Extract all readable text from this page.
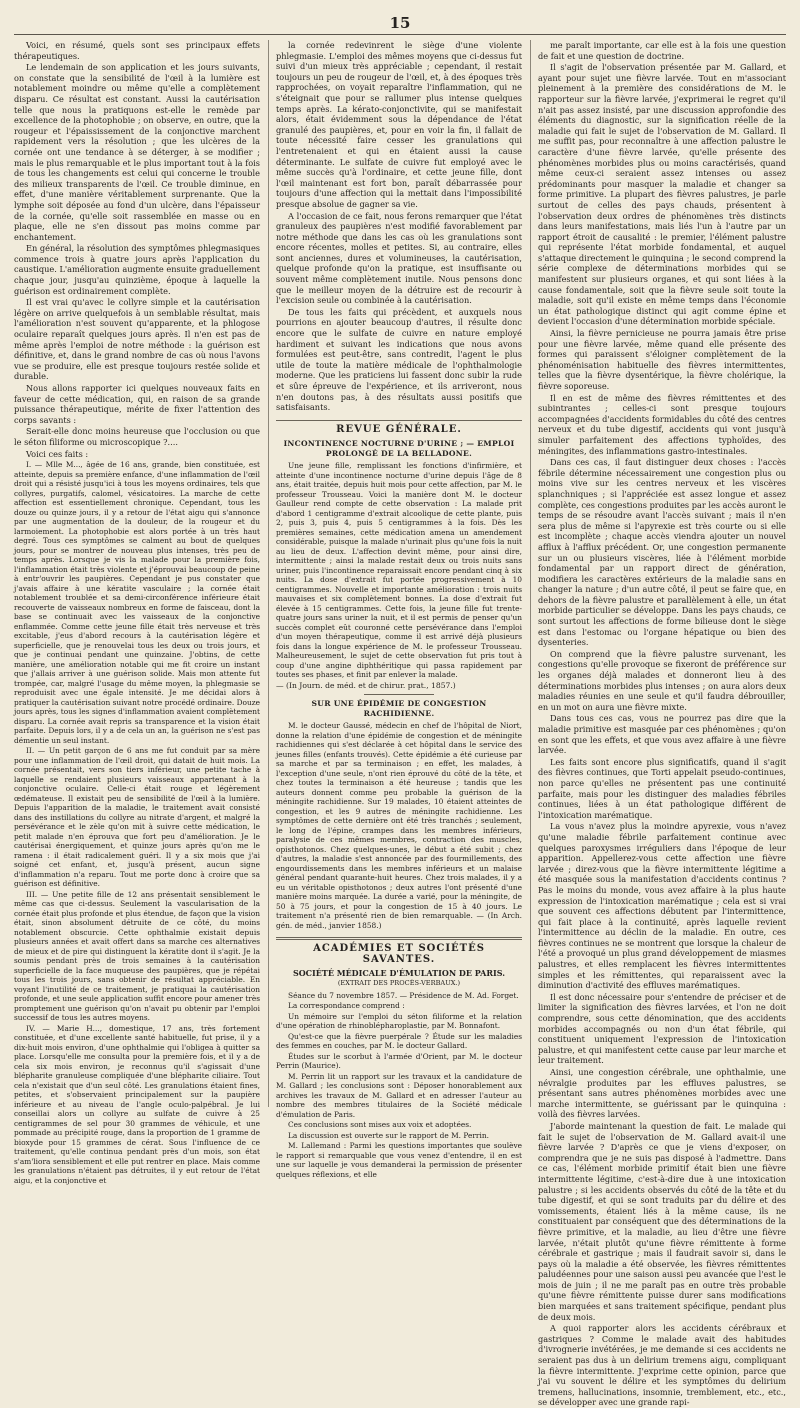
15

Voici, en résumé, quels sont ses principaux effets thérapeutiques.

Le lendemain de son application et les jours suivants, on constate que la sensibilité de l'œil à la lumière est notablement moindre ou même qu'elle a complètement disparu. Ce résultat est constant. Aussi la cautérisation telle que nous la pratiquons est-elle le remède par excellence de la photophobie ; on observe, en outre, que la rougeur et l'épaississement de la conjonctive marchent rapidement vers la résolution ; que les ulcères de la cornée ont une tendance à se déterger, à se modifier ; mais le plus remarquable et le plus important tout à la fois de tous les changements est celui qui concerne le trouble des milieux transparents de l'œil. Ce trouble diminue, en effet, d'une manière véritablement surprenante. Que la lymphe soit déposée au fond d'un ulcère, dans l'épaisseur de la cornée, qu'elle soit rassemblée en masse ou en plaque, elle ne s'en dissout pas moins comme par enchantement.

En général, la résolution des symptômes phlegmasiques commence trois à quatre jours après l'application du caustique. L'amélioration augmente ensuite graduellement chaque jour, jusqu'au quinzième, époque à laquelle la guérison est ordinairement complète.

Il est vrai qu'avec le collyre simple et la cautérisation légère on arrive quelquefois à un semblable résultat, mais l'amélioration n'est souvent qu'apparente, et la phlogose oculaire reparaît quelques jours après. Il n'en est pas de même après l'emploi de notre méthode : la guérison est définitive, et, dans le grand nombre de cas où nous l'avons vue se produire, elle est presque toujours restée solide et durable.

Nous allons rapporter ici quelques nouveaux faits en faveur de cette médication, qui, en raison de sa grande puissance thérapeutique, mérite de fixer l'attention des corps savants :

Serait-elle donc moins heureuse que l'occlusion ou que le séton filiforme ou microscopique ?....

Voici ces faits :

I. — Mlle M..., âgée de 16 ans, grande, bien constituée, est atteinte, depuis sa première enfance, d'une inflammation de l'œil droit qui a résisté jusqu'ici à tous les moyens ordinaires, tels que collyres, purgatifs, calomel, vésicatoires. La marche de cette affection est essentiellement chronique. Cependant, tous les douze ou quinze jours, il y a retour de l'état aigu qui s'annonce par une augmentation de la douleur, de la rougeur et du larmoiement. La photophobie est alors portée à un très haut degré. Tous ces symptômes se calment au bout de quelques jours, pour se montrer de nouveau plus intenses, très peu de temps après. Lorsque je vis la malade pour la première fois, l'inflammation était très violente et j'éprouvai beaucoup de peine à entr'ouvrir les paupières. Cependant je pus constater que j'avais affaire à une kératite vasculaire ; la cornée était notablement troublée et sa demi-circonférence inférieure était recouverte de vaisseaux nombreux en forme de faisceau, dont la base se continuait avec les vaisseaux de la conjonctive enflammée. Comme cette jeune fille était très nerveuse et très excitable, j'eus d'abord recours à la cautérisation légère et superficielle, que je renouvelai tous les deux ou trois jours, et que je continuai pendant une quinzaine. J'obtins, de cette manière, une amélioration notable qui me fit croire un instant que j'allais arriver à une guérison solide. Mais mon attente fut trompée, car, malgré l'usage du même moyen, la phlegmasie se reproduisit avec une égale intensité. Je me décidai alors à pratiquer la cautérisation suivant notre procédé ordinaire. Douze jours après, tous les signes d'inflammation avaient complètement disparu. La cornée avait repris sa transparence et la vision était parfaite. Depuis lors, il y a de cela un an, la guérison ne s'est pas démentie un seul instant.

II. — Un petit garçon de 6 ans me fut conduit par sa mère pour une inflammation de l'œil droit, qui datait de huit mois. La cornée présentait, vers son tiers inférieur, une petite tache à laquelle se rendaient plusieurs vaisseaux appartenant à la conjonctive oculaire. Celle-ci était rouge et légèrement œdémateuse. Il existait peu de sensibilité de l'œil à la lumière. Depuis l'apparition de la maladie, le traitement avait consisté dans des instillations du collyre au nitrate d'argent, et malgré la persévérance et le zèle qu'on mit à suivre cette médication, le petit malade n'en éprouva que fort peu d'amélioration. Je le cautérisai énergiquement, et quinze jours après qu'on me le ramena : il était radicalement guéri. Il y a six mois que j'ai soigné cet enfant, et, jusqu'à présent, aucun signe d'inflammation n'a reparu. Tout me porte donc à croire que sa guérison est définitive.

III. — Une petite fille de 12 ans présentait sensiblement le même cas que ci-dessus. Seulement la vascularisation de la cornée était plus profonde et plus étendue, de façon que la vision était, sinon absolument détruite de ce côté, du moins notablement obscurcie. Cette ophthalmie existait depuis plusieurs années et avait offert dans sa marche ces alternatives de mieux et de pire qui distinguent la kératite dont il s'agit. Je la soumis pendant près de trois semaines à la cautérisation superficielle de la face muqueuse des paupières, que je répétai tous les trois jours, sans obtenir de résultat appréciable. En voyant l'inutilité de ce traitement, je pratiquai la cautérisation profonde, et une seule application suffit encore pour amener très promptement une guérison qu'on n'avait pu obtenir par l'emploi successif de tous les autres moyens.

IV. — Marie H..., domestique, 17 ans, très fortement constituée, et d'une excellente santé habituelle, fut prise, il y a dix-huit mois environ, d'une ophthalmie qui l'obligea à quitter sa place. Lorsqu'elle me consulta pour la première fois, et il y a de cela six mois environ, je reconnus qu'il s'agissait d'une blépharite granuleuse compliquée d'une blépharite ciliaire. Tout cela n'existait que d'un seul côté. Les granulations étaient fines, petites, et s'observaient principalement sur la paupière inférieure et au niveau de l'angle oculo-palpébral. Je lui conseillai alors un collyre au sulfate de cuivre à 25 centigrammes de sel pour 30 grammes de véhicule, et une pommade au précipité rouge, dans la proportion de 1 gramme de bioxyde pour 15 grammes de cérat. Sous l'influence de ce traitement, qu'elle continua pendant près d'un mois, son état s'am'liora sensiblement et elle put rentrer en place. Mais comme les granulations n'étaient pas détruites, il y eut retour de l'état aigu, et la conjonctive et

la cornée redevinrent le siège d'une violente phlegmasie. L'emploi des mêmes moyens que ci-dessus fut suivi d'un mieux très appréciable ; cependant, il restait toujours un peu de rougeur de l'œil, et, à des époques très rapprochées, on voyait reparaître l'inflammation, qui ne s'éteignait que pour se rallumer plus intense quelques temps après. La kérato-conjonctivite, qui se manifestait alors, était évidemment sous la dépendance de l'état granulé des paupières, et, pour en voir la fin, il fallait de toute nécessité faire cesser les granulations qui l'entretenaient et qui en étaient aussi la cause déterminante. Le sulfate de cuivre fut employé avec le même succès qu'à l'ordinaire, et cette jeune fille, dont l'œil maintenant est fort bon, paraît débarrassée pour toujours d'une affection qui la mettait dans l'impossibilité presque absolue de gagner sa vie.

A l'occasion de ce fait, nous ferons remarquer que l'état granuleux des paupières n'est modifié favorablement par notre méthode que dans les cas où les granulations sont encore récentes, molles et petites. Si, au contraire, elles sont anciennes, dures et volumineuses, la cautérisation, quelque profonde qu'on la pratique, est insuffisante ou souvent même complètement inutile. Nous pensons donc que le meilleur moyen de la détruire est de recourir à l'excision seule ou combinée à la cautérisation.

De tous les faits qui précèdent, et auxquels nous pourrions en ajouter beaucoup d'autres, il résulte donc encore que le sulfate de cuivre en nature employé hardiment et suivant les indications que nous avons formulées est peut-être, sans contredit, l'agent le plus utile de toute la matière médicale de l'ophthalmologie moderne. Que les praticiens lui fassent donc subir la rude et sûre épreuve de l'expérience, et ils arriveront, nous n'en doutons pas, à des résultats aussi positifs que satisfaisants.

REVUE GÉNÉRALE.
INCONTINENCE NOCTURNE D'URINE ; — EMPLOI PROLONGÉ DE LA BELLADONE.

Une jeune fille, remplissant les fonctions d'infirmière, et atteinte d'une incontinence nocturne d'urine depuis l'âge de 8 ans, était traitée, depuis huit mois pour cette affection, par M. le professeur Trousseau. Voici la manière dont M. le docteur Gaulleur rend compte de cette observation : La malade prit d'abord 1 centigramme d'extrait alcoolique de cette plante, puis 2, puis 3, puis 4, puis 5 centigrammes à la fois. Dès les premières semaines, cette médication amena un amendement considérable, puisque la malade n'urinait plus qu'une fois la nuit au lieu de deux. L'affection devint même, pour ainsi dire, intermittente ; ainsi la malade restait deux ou trois nuits sans uriner, puis l'incontinence reparaissait encore pendant cinq à six nuits. La dose d'extrait fut portée progressivement à 10 centigrammes. Nouvelle et importante amélioration : trois nuits mauvaises et six complètement bonnes. La dose d'extrait fut élevée à 15 centigrammes. Cette fois, la jeune fille fut trente-quatre jours sans uriner la nuit, et il est permis de penser qu'un succès complet eût couronné cette persévérance dans l'emploi d'un moyen thérapeutique, comme il est arrivé déjà plusieurs fois dans la longue expérience de M. le professeur Trousseau. Malheureusement, le sujet de cette observation fut pris tout à coup d'une angine diphthéritique qui passa rapidement par toutes ses phases, et finit par enlever la malade.

— (In Journ. de méd. et de chirur. prat., 1857.)

SUR UNE ÉPIDÉMIE DE CONGESTION RACHIDIENNE.

M. le docteur Gaussé, médecin en chef de l'hôpital de Niort, donne la relation d'une épidémie de congestion et de méningite rachidiennes qui s'est déclarée à cet hôpital dans le service des jeunes filles (enfants trouvés). Cette épidémie a été curieuse par sa marche et par sa terminaison ; en effet, les malades, à l'exception d'une seule, n'ont rien éprouvé du côté de la tête, et chez toutes la terminaison a été heureuse ; tandis que les auteurs donnent comme peu probable la guérison de la méningite rachidienne. Sur 19 malades, 10 étaient atteintes de congestion, et les 9 autres de méningite rachidienne. Les symptômes de cette dernière ont été très tranchés ; seulement, le long de l'épine, crampes dans les membres inférieurs, paralysie de ces mêmes membres, contraction des muscles, opisthotonos. Chez quelques-unes, le début a été subit ; chez d'autres, la maladie s'est annoncée par des fourmillements, des engourdissements dans les membres inférieurs et un malaise général pendant quarante-huit heures. Chez trois malades, il y a eu un véritable opisthotonos ; deux autres l'ont présenté d'une manière moins marquée. La durée a varié, pour la méningite, de 50 à 75 jours, et pour la congestion de 15 à 40 jours. Le traitement n'a présenté rien de bien remarquable. — (In Arch. gén. de méd., janvier 1858.)

ACADÉMIES ET SOCIÉTÉS SAVANTES.
SOCIÉTÉ MÉDICALE D'ÉMULATION DE PARIS.
(EXTRAIT DES PROCÈS-VERBAUX.)

Séance du 7 novembre 1857. — Présidence de M. Ad. Forget.

La correspondance comprend :

Un mémoire sur l'emploi du séton filiforme et la relation d'une opération de rhinoblépharoplastie, par M. Bonnafont.

Qu'est-ce que la fièvre puerpérale ? Étude sur les maladies des femmes en couches, par M. le docteur Gallard.

Études sur le scorbut à l'armée d'Orient, par M. le docteur Perrin (Maurice).

M. Perrin lit un rapport sur les travaux et la candidature de M. Gallard ; les conclusions sont : Déposer honorablement aux archives les travaux de M. Gallard et en adresser l'auteur au nombre des membres titulaires de la Société médicale d'émulation de Paris.

Ces conclusions sont mises aux voix et adoptées.

La discussion est ouverte sur le rapport de M. Perrin.

M. Lallemand : Parmi les questions importantes que soulève le rapport si remarquable que vous venez d'entendre, il en est une sur laquelle je vous demanderai la permission de présenter quelques réflexions, et elle

me paraît importante, car elle est à la fois une question de fait et une question de doctrine.

Il s'agit de l'observation présentée par M. Gallard, et ayant pour sujet une fièvre larvée. Tout en m'associant pleinement à la première des considérations de M. le rapporteur sur la fièvre larvée, j'exprimerai le regret qu'il n'ait pas assez insisté, par une discussion approfondie des éléments du diagnostic, sur la signification réelle de la maladie qui fait le sujet de l'observation de M. Gallard. Il me suffit pas, pour reconnaître à une affection palustre le caractère d'une fièvre larvée, qu'elle présente des phénomènes morbides plus ou moins caractérisés, quand même ceux-ci seraient assez intenses ou assez prédominants pour masquer la maladie et changer sa forme primitive. La plupart des fièvres palustres, je parle surtout de celles des pays chauds, présentent à l'observation deux ordres de phénomènes très distincts dans leurs manifestations, mais liés l'un à l'autre par un rapport étroit de causalité : le premier, l'élément palustre qui représente l'état morbide fondamental, et auquel s'attaque directement le quinquina ; le second comprend la série complexe de déterminations morbides qui se manifestent sur plusieurs organes, et qui sont liées à la cause fondamentale, soit que la fièvre seule soit toute la maladie, soit qu'il existe en même temps dans l'économie un état pathologique distinct qui agit comme épine et devient l'occasion d'une détermination morbide spéciale.

Ainsi, la fièvre pernicieuse ne pourra jamais être prise pour une fièvre larvée, même quand elle présente des formes qui paraissent s'éloigner complètement de la phénoménisation habituelle des fièvres intermittentes, telles que la fièvre dysentérique, la fièvre cholérique, la fièvre soporeuse.

Il en est de même des fièvres rémittentes et des subintrantes ; celles-ci sont presque toujours accompagnées d'accidents formidables du côté des centres nerveux et du tube digestif, accidents qui vont jusqu'à simuler parfaitement des affections typhoïdes, des méningites, des inflammations gastro-intestinales.

Dans ces cas, il faut distinguer deux choses : l'accès fébrile détermine nécessairement une congestion plus ou moins vive sur les centres nerveux et les viscères splanchniques ; si l'appréciée est assez longue et assez complète, ces congestions produites par les accès auront le temps de se résoudre avant l'accès suivant ; mais il n'en sera plus de même si l'apyrexie est très courte ou si elle est incomplète ; chaque accès viendra ajouter un nouvel afflux à l'afflux précédent. Or, une congestion permanente sur un ou plusieurs viscères, liée à l'élément morbide fondamental par un rapport direct de génération, modifiera les caractères extérieurs de la maladie sans en changer la nature ; d'un autre côté, il peut se faire que, en dehors de la fièvre palustre et parallèlement à elle, un état morbide particulier se développe. Dans les pays chauds, ce sont surtout les affections de forme bilieuse dont le siège est dans l'estomac ou l'organe hépatique ou bien des dysenteries.

On comprend que la fièvre palustre survenant, les congestions qu'elle provoque se fixeront de préférence sur les organes déjà malades et donneront lieu à des déterminations morbides plus intenses ; on aura alors deux maladies réunies en une seule et qu'il faudra débrouiller, en un mot on aura une fièvre mixte.

Dans tous ces cas, vous ne pourrez pas dire que la maladie primitive est masquée par ces phénomènes ; qu'on en sont que les effets, et que vous avez affaire à une fièvre larvée.

Les faits sont encore plus significatifs, quand il s'agit des fièvres continues, que Torti appelait pseudo-continues, non parce qu'elles ne présentent pas une continuité parfaite, mais pour les distinguer des maladies fébriles continues, liées à un état pathologique différent de l'intoxication marématique.

La vous n'avez plus la moindre apyrexie, vous n'avez qu'une maladie fébrile parfaitement continue avec quelques paroxysmes irréguliers dans l'époque de leur apparition. Appellerez-vous cette affection une fièvre larvée ; direz-vous que la fièvre intermittente légitime a été masquée sous la manifestation d'accidents continus ? Pas le moins du monde, vous avez affaire à la plus haute expression de l'intoxication marématique ; cela est si vrai que souvent ces affections débutent par l'intermittence, qui fait place à la continuité, après laquelle revient l'intermittence au déclin de la maladie. En outre, ces fièvres continues ne se montrent que lorsque la chaleur de l'été a provoqué un plus grand développement de miasmes palustres, et elles remplacent les fièvres intermittentes simples et les rémittentes, qui reparaissent avec la diminution d'activité des effluves marématiques.

Il est donc nécessaire pour s'entendre de préciser et de limiter la signification des fièvres larvées, et l'on ne doit comprendre, sous cette dénomination, que des accidents morbides accompagnés ou non d'un état fébrile, qui constituent uniquement l'expression de l'intoxication palustre, et qui manifestent cette cause par leur marche et leur traitement.

Ainsi, une congestion cérébrale, une ophthalmie, une névralgie produites par les effluves palustres, se présentant sans autres phénomènes morbides avec une marche intermittente, se guérissant par le quinquina : voilà des fièvres larvées.

J'aborde maintenant la question de fait. Le malade qui fait le sujet de l'observation de M. Gallard avait-il une fièvre larvée ? D'après ce que je viens d'exposer, on comprendra que je ne suis pas disposé à l'admettre. Dans ce cas, l'élément morbide primitif était bien une fièvre intermittente légitime, c'est-à-dire due à une intoxication palustre ; si les accidents observés du côté de la tête et du tube digestif, et qui se sont traduits par du délire et des vomissements, étaient liés à la même cause, ils ne constituaient par conséquent que des déterminations de la fièvre primitive, et la maladie, au lieu d'être une fièvre larvée, n'était plutôt qu'une fièvre rémittente à forme cérébrale et gastrique ; mais il faudrait savoir si, dans le pays où la maladie a été observée, les fièvres rémittentes paludéennes pour une saison aussi peu avancée que l'est le mois de juin ; il ne me paraît pas en outre très probable qu'une fièvre rémittente puisse durer sans modifications bien marquées et sans traitement spécifique, pendant plus de deux mois.

A quoi rapporter alors les accidents cérébraux et gastriques ? Comme le malade avait des habitudes d'ivrognerie invétérées, je me demande si ces accidents ne seraient pas dus à un delirium tremens aigu, compliquant la fièvre intermittente. J'exprime cette opinion, parce que j'ai vu souvent le délire et les symptômes du delirium tremens, hallucinations, insomnie, tremblement, etc., etc., se développer avec une grande rapi-
